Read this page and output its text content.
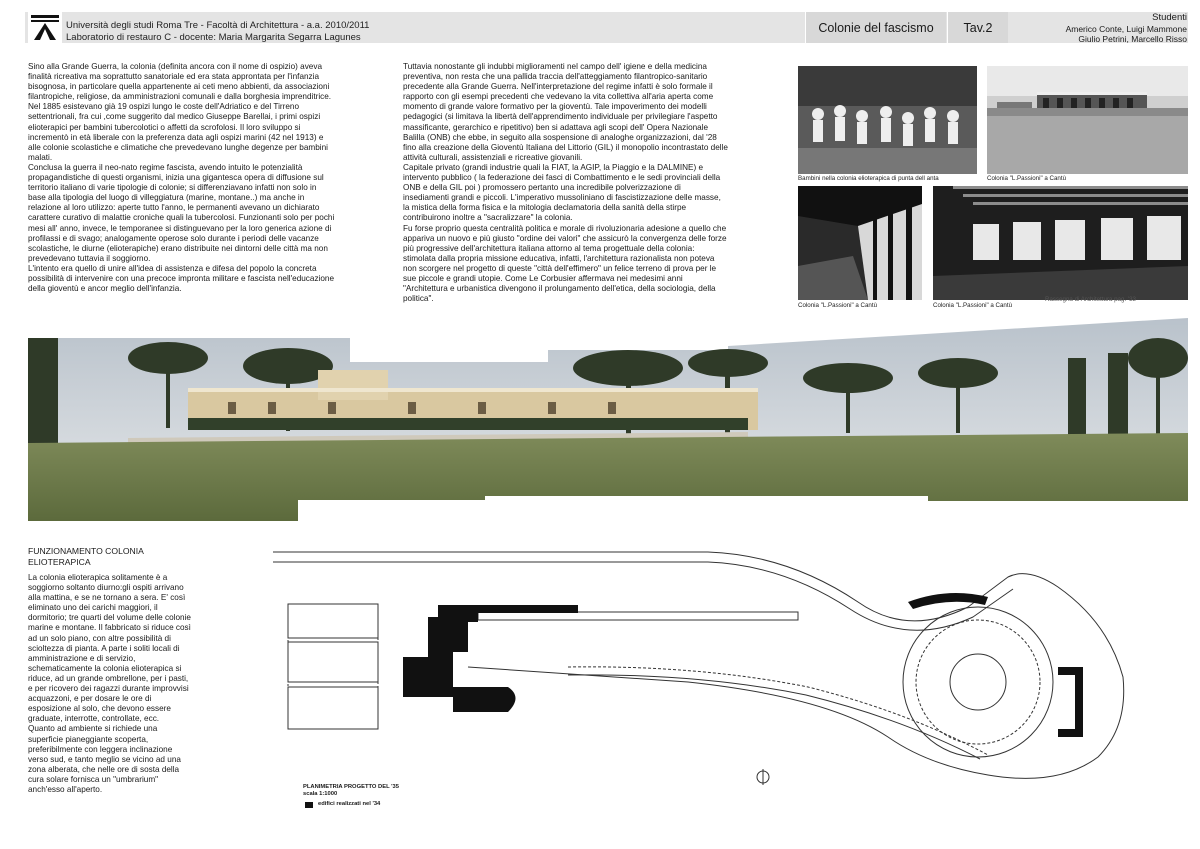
Università degli studi Roma Tre - Facoltà di Architettura - a.a. 2010/2011
Laboratorio di restauro C - docente: Maria Margarita Segarra Lagunes
Colonie del fascismo	Tav.2
Studenti
Americo Conte, Luigi Mammone
Giulio Petrini, Marcello Risso

Sino alla Grande Guerra, la colonia (definita ancora con il nome di ospizio) aveva finalità ricreativa ma soprattutto sanatoriale ed era stata approntata per l'infanzia bisognosa, in particolare quella appartenente ai ceti meno abbienti, da associazioni filantropiche, religiose, da amministrazioni comunali e dalla borghesia imprenditrice. Nel 1885 esistevano già 19 ospizi lungo le coste dell'Adriatico e del Tirreno settentrionali, fra cui ,come suggerito dal medico Giuseppe Barellai, i primi ospizi elioterapici per bambini tubercolotici o affetti da scrofolosi. Il loro sviluppo si incrementò in età liberale con la preferenza data agli ospizi marini (42 nel 1913) e alle colonie scolastiche e climatiche che prevedevano lunghe degenze per bambini malati.

Conclusa la guerra il neo-nato regime fascista, avendo intuito le potenzialità propagandistiche di questi organismi, inizia una gigantesca opera di diffusione sul territorio italiano di varie tipologie di colonie; si differenziavano infatti non solo in base alla tipologia del luogo di villeggiatura (marine, montane..) ma anche in relazione al loro utilizzo: aperte tutto l'anno, le permanenti avevano un dichiarato carattere curativo di malattie croniche quali la tubercolosi. Funzionanti solo per pochi mesi all' anno, invece, le temporanee si distinguevano per la loro generica azione di profilassi e di svago; analogamente operose solo durante i periodi delle vacanze scolastiche, le diurne (elioterapiche) erano distribuite nei dintorni delle città ma non prevedevano tuttavia il soggiorno.

L'intento era quello di unire all'idea di assistenza e difesa del popolo la concreta possibilità di intervenire con una precoce impronta militare e fascista nell'educazione della gioventù e ancor meglio dell'infanzia.

Tuttavia nonostante gli indubbi miglioramenti nel campo dell' igiene e della medicina preventiva, non resta che una pallida traccia dell'atteggiamento filantropico-sanitario precedente alla Grande Guerra. Nell'interpretazione del regime infatti è solo formale il rapporto con gli esempi precedenti che vedevano la vita collettiva all'aria aperta come momento di grande valore formativo per la gioventù. Tale impoverimento dei modelli pedagogici (si limitava la libertà dell'apprendimento individuale per privilegiare l'aspetto massificante, gerarchico e ripetitivo) ben si adattava agli scopi dell' Opera Nazionale Balilla (ONB) che ebbe, in seguito alla sospensione di analoghe organizzazioni, dal '28 fino alla creazione della Gioventù Italiana del Littorio (GIL) il monopolio incontrastato delle attività culturali, assistenziali e ricreative giovanili.

Capitale privato (grandi industrie quali la FIAT, la AGIP, la Piaggio e la DALMINE) e intervento pubblico ( la federazione dei fasci di Combattimento e le sedi provinciali della ONB e della GIL poi ) promossero pertanto una incredibile polverizzazione di insediamenti grandi e piccoli. L'imperativo mussoliniano di fascistizzazione delle masse, la mistica della forma fisica e la mitologia declamatoria della sanità della stirpe contribuirono inoltre a "sacralizzare" la colonia.

Fu forse proprio questa centralità politica e morale di rivoluzionaria adesione a quello che appariva un nuovo e più giusto "ordine dei valori" che assicurò la convergenza delle forze più progressive dell'architettura italiana attorno al tema progettuale della colonia: stimolata dalla propria missione educativa, infatti, l'architettura razionalista non poteva non scorgere nel progetto di queste "città dell'effimero" un felice terreno di prova per le sue piccole e grandi utopie. Come Le Corbusier affermava nei medesimi anni "Architettura e urbanistica divengono il prolungamento dell'etica, della sociologia, della politica".

Bambini nella colonia elioterapica di punta dell anta	Colonia "L.Passioni" a Cantù
Colonia "L.Passioni" a Cantù	Colonia "L.Passioni" a Cantù
Rassegna di Architettura pag. '33
FUNZIONAMENTO COLONIA
ELIOTERAPICA

La colonia elioterapica solitamente è a soggiorno soltanto diurno:gli ospiti arrivano alla mattina, e se ne tornano a sera. E' così eliminato uno dei carichi maggiori, il dormitorio; tre quarti del volume delle colonie marine e montane. Il fabbricato si riduce così ad un solo piano, con altre possibilità di scioltezza di pianta. A parte i soliti locali di amministrazione e di servizio, schematicamente la colonia elioterapica si riduce, ad un grande ombrellone, per i pasti, e per ricovero dei ragazzi durante improvvisi acquazzoni, e per dosare le ore di esposizione al solo, che devono essere graduate, interrotte, controllate, ecc.

Quanto ad ambiente si richiede una superficie pianeggiante scoperta, preferibilmente con leggera inclinazione verso sud, e tanto meglio se vicino ad una zona alberata, che nelle ore di sosta della cura solare fornisca un "umbrarium" anch'esso all'aperto.	PLANIMETRIA PROGETTO DEL '35
scala 1:1000
edifici realizzati nel '34
